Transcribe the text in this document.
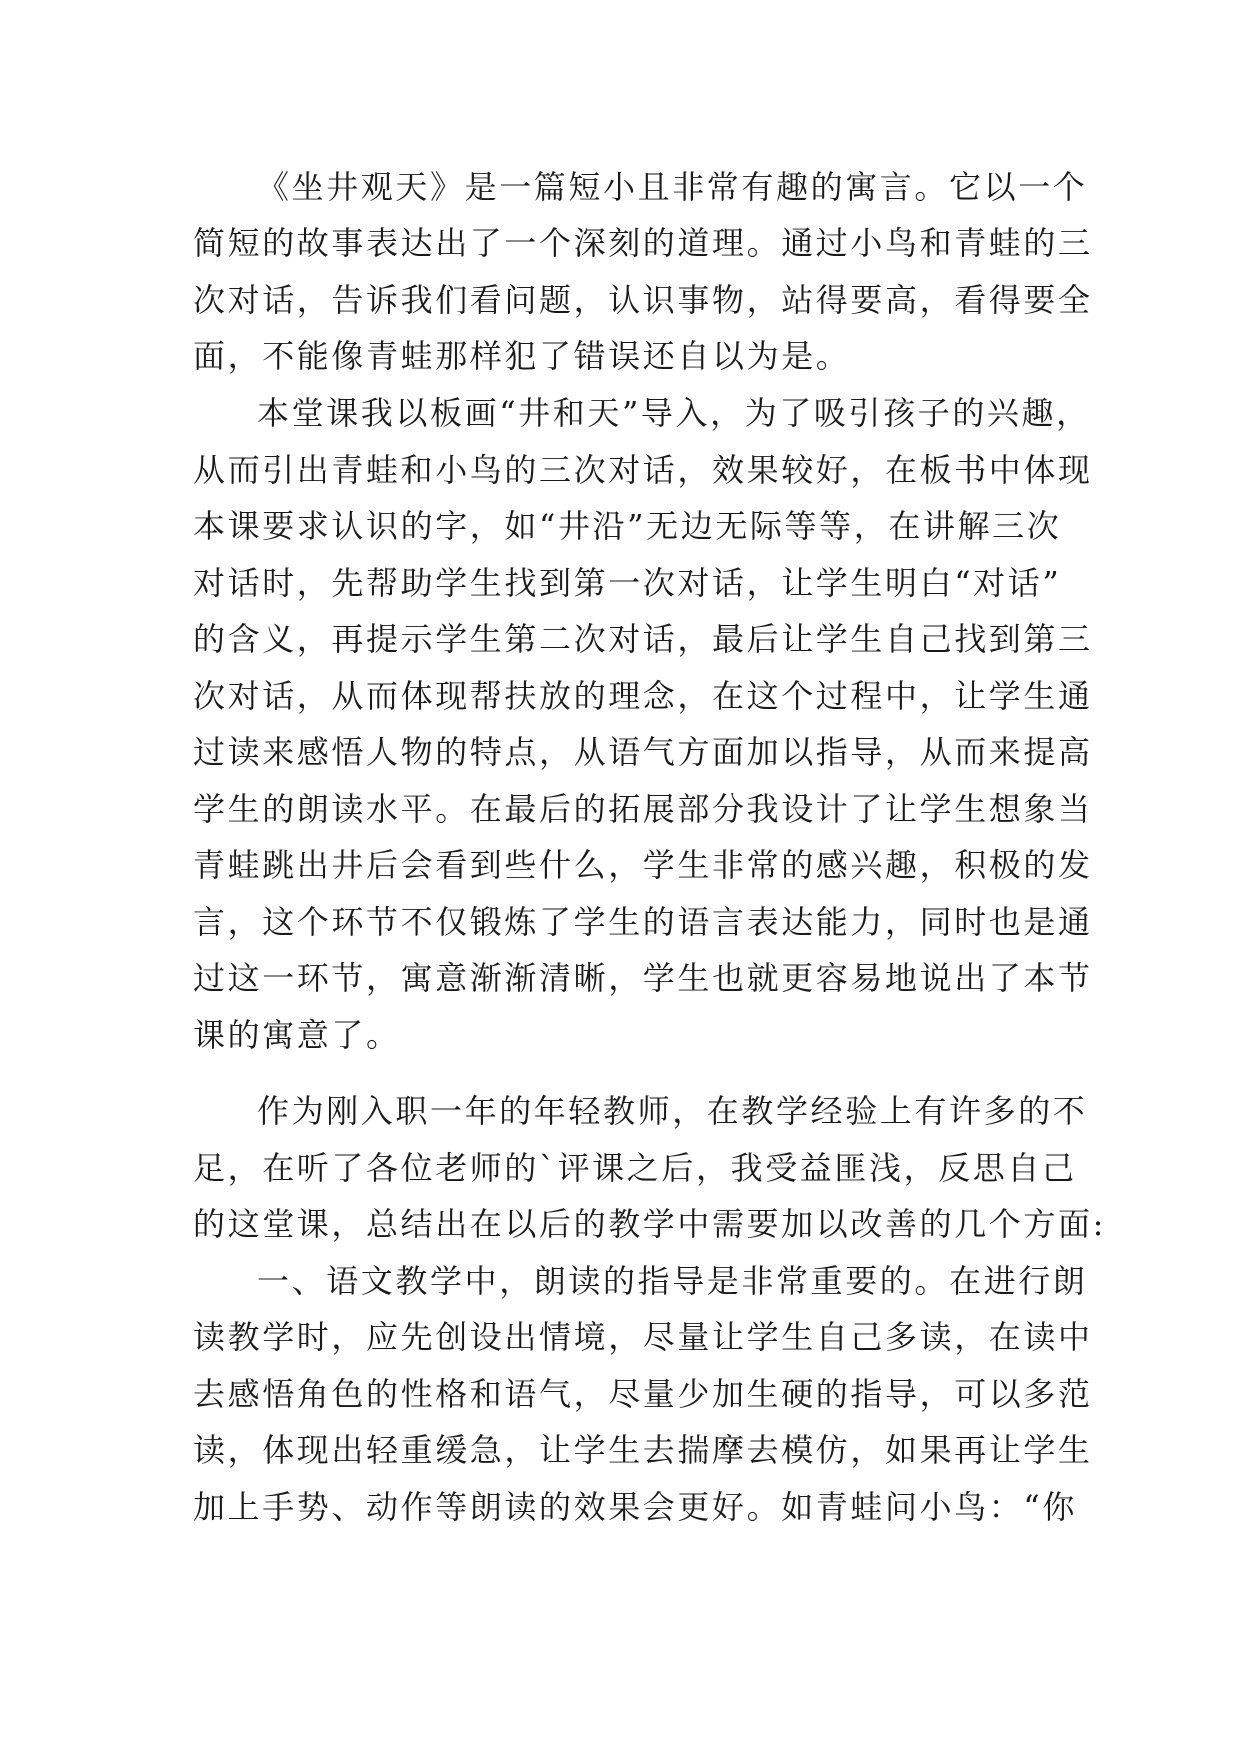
《坐井观天》是一篇短小且非常有趣的寓言。它以一个
简短的故事表达出了一个深刻的道理。通过小鸟和青蛙的三
次对话，告诉我们看问题，认识事物，站得要高，看得要全
面，不能像青蛙那样犯了错误还自以为是。
本堂课我以板画“井和天”导入，为了吸引孩子的兴趣，
从而引出青蛙和小鸟的三次对话，效果较好，在板书中体现
本课要求认识的字，如“井沿”无边无际等等，在讲解三次
对话时，先帮助学生找到第一次对话，让学生明白“对话”
的含义，再提示学生第二次对话，最后让学生自己找到第三
次对话，从而体现帮扶放的理念，在这个过程中，让学生通
过读来感悟人物的特点，从语气方面加以指导，从而来提高
学生的朗读水平。在最后的拓展部分我设计了让学生想象当
青蛙跳出井后会看到些什么，学生非常的感兴趣，积极的发
言，这个环节不仅锻炼了学生的语言表达能力，同时也是通
过这一环节，寓意渐渐清晰，学生也就更容易地说出了本节
课的寓意了。
作为刚入职一年的年轻教师，在教学经验上有许多的不
足，在听了各位老师的`评课之后，我受益匪浅，反思自己
的这堂课，总结出在以后的教学中需要加以改善的几个方面:
一、语文教学中，朗读的指导是非常重要的。在进行朗
读教学时，应先创设出情境，尽量让学生自己多读，在读中
去感悟角色的性格和语气，尽量少加生硬的指导，可以多范
读，体现出轻重缓急，让学生去揣摩去模仿，如果再让学生
加上手势、动作等朗读的效果会更好。如青蛙问小鸟：“你
